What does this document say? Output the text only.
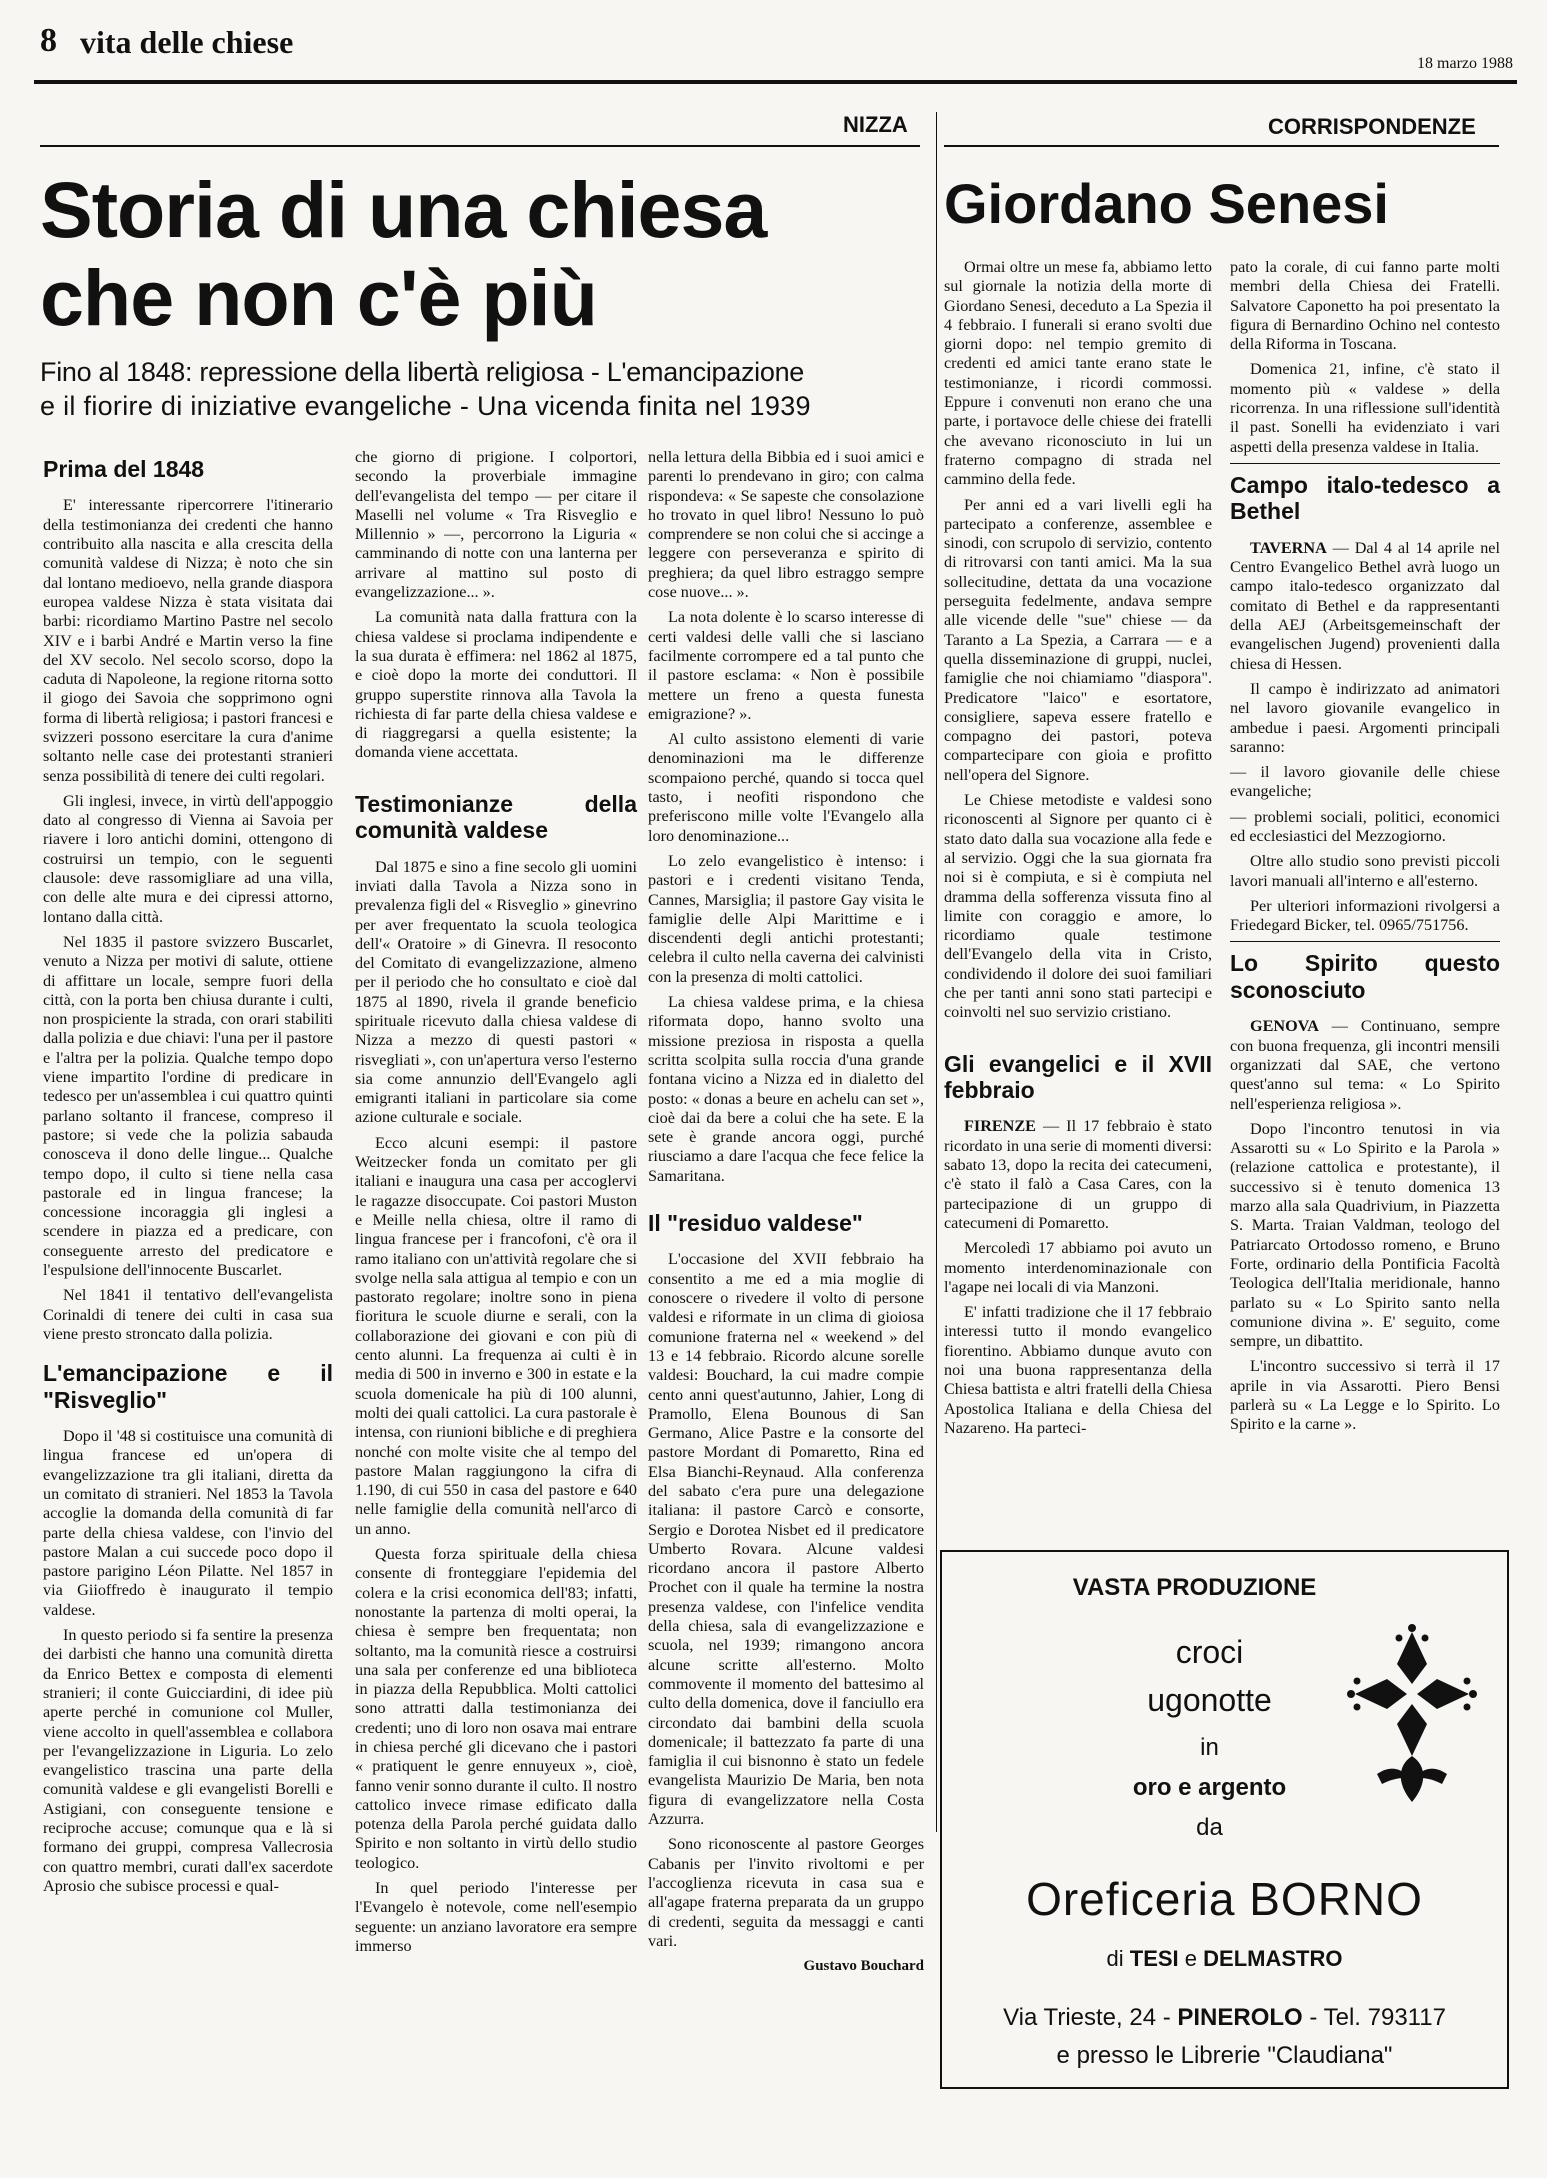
8 vita delle chiese
18 marzo 1988
NIZZA
Storia di una chiesa
che non c'è più
Fino al 1848: repressione della libertà religiosa - L'emancipazione
e il fiorire di iniziative evangeliche - Una vicenda finita nel 1939
Prima del 1848

E' interessante ripercorrere l'itinerario della testimonianza dei credenti che hanno contribuito alla nascita e alla crescita della comunità valdese di Nizza; è noto che sin dal lontano medioevo, nella grande diaspora europea valdese Nizza è stata visitata dai barbi: ricordiamo Martino Pastre nel secolo XIV e i barbi André e Martin verso la fine del XV secolo. Nel secolo scorso, dopo la caduta di Napoleone, la regione ritorna sotto il giogo dei Savoia che sopprimono ogni forma di libertà religiosa; i pastori francesi e svizzeri possono esercitare la cura d'anime soltanto nelle case dei protestanti stranieri senza possibilità di tenere dei culti regolari.

Gli inglesi, invece, in virtù dell'appoggio dato al congresso di Vienna ai Savoia per riavere i loro antichi domini, ottengono di costruirsi un tempio, con le seguenti clausole: deve rassomigliare ad una villa, con delle alte mura e dei cipressi attorno, lontano dalla città.

Nel 1835 il pastore svizzero Buscarlet, venuto a Nizza per motivi di salute, ottiene di affittare un locale, sempre fuori della città, con la porta ben chiusa durante i culti, non prospiciente la strada, con orari stabiliti dalla polizia e due chiavi: l'una per il pastore e l'altra per la polizia. Qualche tempo dopo viene impartito l'ordine di predicare in tedesco per un'assemblea i cui quattro quinti parlano soltanto il francese, compreso il pastore; si vede che la polizia sabauda conosceva il dono delle lingue... Qualche tempo dopo, il culto si tiene nella casa pastorale ed in lingua francese; la concessione incoraggia gli inglesi a scendere in piazza ed a predicare, con conseguente arresto del predicatore e l'espulsione dell'innocente Buscarlet.

Nel 1841 il tentativo dell'evangelista Corinaldi di tenere dei culti in casa sua viene presto stroncato dalla polizia.

L'emancipazione e il "Risveglio"

Dopo il '48 si costituisce una comunità di lingua francese ed un'opera di evangelizzazione tra gli italiani, diretta da un comitato di stranieri. Nel 1853 la Tavola accoglie la domanda della comunità di far parte della chiesa valdese, con l'invio del pastore Malan a cui succede poco dopo il pastore parigino Léon Pilatte. Nel 1857 in via Giioffredo è inaugurato il tempio valdese.

In questo periodo si fa sentire la presenza dei darbisti che hanno una comunità diretta da Enrico Bettex e composta di elementi stranieri; il conte Guicciardini, di idee più aperte perché in comunione col Muller, viene accolto in quell'assemblea e collabora per l'evangelizzazione in Liguria. Lo zelo evangelistico trascina una parte della comunità valdese e gli evangelisti Borelli e Astigiani, con conseguente tensione e reciproche accuse; comunque qua e là si formano dei gruppi, compresa Vallecrosia con quattro membri, curati dall'ex sacerdote Aprosio che subisce processi e qual-

che giorno di prigione. I colportori, secondo la proverbiale immagine dell'evangelista del tempo — per citare il Maselli nel volume « Tra Risveglio e Millennio » —, percorrono la Liguria « camminando di notte con una lanterna per arrivare al mattino sul posto di evangelizzazione... ».

La comunità nata dalla frattura con la chiesa valdese si proclama indipendente e la sua durata è effimera: nel 1862 al 1875, e cioè dopo la morte dei conduttori. Il gruppo superstite rinnova alla Tavola la richiesta di far parte della chiesa valdese e di riaggregarsi a quella esistente; la domanda viene accettata.

Testimonianze della comunità valdese

Dal 1875 e sino a fine secolo gli uomini inviati dalla Tavola a Nizza sono in prevalenza figli del « Risveglio » ginevrino per aver frequentato la scuola teologica dell'« Oratoire » di Ginevra. Il resoconto del Comitato di evangelizzazione, almeno per il periodo che ho consultato e cioè dal 1875 al 1890, rivela il grande beneficio spirituale ricevuto dalla chiesa valdese di Nizza a mezzo di questi pastori « risvegliati », con un'apertura verso l'esterno sia come annunzio dell'Evangelo agli emigranti italiani in particolare sia come azione culturale e sociale.

Ecco alcuni esempi: il pastore Weitzecker fonda un comitato per gli italiani e inaugura una casa per accoglervi le ragazze disoccupate. Coi pastori Muston e Meille nella chiesa, oltre il ramo di lingua francese per i francofoni, c'è ora il ramo italiano con un'attività regolare che si svolge nella sala attigua al tempio e con un pastorato regolare; inoltre sono in piena fioritura le scuole diurne e serali, con la collaborazione dei giovani e con più di cento alunni. La frequenza ai culti è in media di 500 in inverno e 300 in estate e la scuola domenicale ha più di 100 alunni, molti dei quali cattolici. La cura pastorale è intensa, con riunioni bibliche e di preghiera nonché con molte visite che al tempo del pastore Malan raggiungono la cifra di 1.190, di cui 550 in casa del pastore e 640 nelle famiglie della comunità nell'arco di un anno.

Questa forza spirituale della chiesa consente di fronteggiare l'epidemia del colera e la crisi economica dell'83; infatti, nonostante la partenza di molti operai, la chiesa è sempre ben frequentata; non soltanto, ma la comunità riesce a costruirsi una sala per conferenze ed una biblioteca in piazza della Repubblica. Molti cattolici sono attratti dalla testimonianza dei credenti; uno di loro non osava mai entrare in chiesa perché gli dicevano che i pastori « pratiquent le genre ennuyeux », cioè, fanno venir sonno durante il culto. Il nostro cattolico invece rimase edificato dalla potenza della Parola perché guidata dallo Spirito e non soltanto in virtù dello studio teologico.

In quel periodo l'interesse per l'Evangelo è notevole, come nell'esempio seguente: un anziano lavoratore era sempre immerso

nella lettura della Bibbia ed i suoi amici e parenti lo prendevano in giro; con calma rispondeva: « Se sapeste che consolazione ho trovato in quel libro! Nessuno lo può comprendere se non colui che si accinge a leggere con perseveranza e spirito di preghiera; da quel libro estraggo sempre cose nuove... ».

La nota dolente è lo scarso interesse di certi valdesi delle valli che si lasciano facilmente corrompere ed a tal punto che il pastore esclama: « Non è possibile mettere un freno a questa funesta emigrazione? ».

Al culto assistono elementi di varie denominazioni ma le differenze scompaiono perché, quando si tocca quel tasto, i neofiti rispondono che preferiscono mille volte l'Evangelo alla loro denominazione...

Lo zelo evangelistico è intenso: i pastori e i credenti visitano Tenda, Cannes, Marsiglia; il pastore Gay visita le famiglie delle Alpi Marittime e i discendenti degli antichi protestanti; celebra il culto nella caverna dei calvinisti con la presenza di molti cattolici.

La chiesa valdese prima, e la chiesa riformata dopo, hanno svolto una missione preziosa in risposta a quella scritta scolpita sulla roccia d'una grande fontana vicino a Nizza ed in dialetto del posto: « donas a beure en achelu can set », cioè dai da bere a colui che ha sete. E la sete è grande ancora oggi, purché riusciamo a dare l'acqua che fece felice la Samaritana.

Il "residuo valdese"

L'occasione del XVII febbraio ha consentito a me ed a mia moglie di conoscere o rivedere il volto di persone valdesi e riformate in un clima di gioiosa comunione fraterna nel « weekend » del 13 e 14 febbraio. Ricordo alcune sorelle valdesi: Bouchard, la cui madre compie cento anni quest'autunno, Jahier, Long di Pramollo, Elena Bounous di San Germano, Alice Pastre e la consorte del pastore Mordant di Pomaretto, Rina ed Elsa Bianchi-Reynaud. Alla conferenza del sabato c'era pure una delegazione italiana: il pastore Carcò e consorte, Sergio e Dorotea Nisbet ed il predicatore Umberto Rovara. Alcune valdesi ricordano ancora il pastore Alberto Prochet con il quale ha termine la nostra presenza valdese, con l'infelice vendita della chiesa, sala di evangelizzazione e scuola, nel 1939; rimangono ancora alcune scritte all'esterno. Molto commovente il momento del battesimo al culto della domenica, dove il fanciullo era circondato dai bambini della scuola domenicale; il battezzato fa parte di una famiglia il cui bisnonno è stato un fedele evangelista Maurizio De Maria, ben nota figura di evangelizzatore nella Costa Azzurra.

Sono riconoscente al pastore Georges Cabanis per l'invito rivoltomi e per l'accoglienza ricevuta in casa sua e all'agape fraterna preparata da un gruppo di credenti, seguita da messaggi e canti vari.

Gustavo Bouchard
CORRISPONDENZE
Giordano Senesi

Ormai oltre un mese fa, abbiamo letto sul giornale la notizia della morte di Giordano Senesi, deceduto a La Spezia il 4 febbraio. I funerali si erano svolti due giorni dopo: nel tempio gremito di credenti ed amici tante erano state le testimonianze, i ricordi commossi. Eppure i convenuti non erano che una parte, i portavoce delle chiese dei fratelli che avevano riconosciuto in lui un fraterno compagno di strada nel cammino della fede.

Per anni ed a vari livelli egli ha partecipato a conferenze, assemblee e sinodi, con scrupolo di servizio, contento di ritrovarsi con tanti amici. Ma la sua sollecitudine, dettata da una vocazione perseguita fedelmente, andava sempre alle vicende delle "sue" chiese — da Taranto a La Spezia, a Carrara — e a quella disseminazione di gruppi, nuclei, famiglie che noi chiamiamo "diaspora". Predicatore "laico" e esortatore, consigliere, sapeva essere fratello e compagno dei pastori, poteva compartecipare con gioia e profitto nell'opera del Signore.

Le Chiese metodiste e valdesi sono riconoscenti al Signore per quanto ci è stato dato dalla sua vocazione alla fede e al servizio. Oggi che la sua giornata fra noi si è compiuta, e si è compiuta nel dramma della sofferenza vissuta fino al limite con coraggio e amore, lo ricordiamo quale testimone dell'Evangelo della vita in Cristo, condividendo il dolore dei suoi familiari che per tanti anni sono stati partecipi e coinvolti nel suo servizio cristiano.

Gli evangelici e il XVII febbraio

FIRENZE — Il 17 febbraio è stato ricordato in una serie di momenti diversi: sabato 13, dopo la recita dei catecumeni, c'è stato il falò a Casa Cares, con la partecipazione di un gruppo di catecumeni di Pomaretto.

Mercoledì 17 abbiamo poi avuto un momento interdenominazionale con l'agape nei locali di via Manzoni.

E' infatti tradizione che il 17 febbraio interessi tutto il mondo evangelico fiorentino. Abbiamo dunque avuto con noi una buona rappresentanza della Chiesa battista e altri fratelli della Chiesa Apostolica Italiana e della Chiesa del Nazareno. Ha parteci-

pato la corale, di cui fanno parte molti membri della Chiesa dei Fratelli. Salvatore Caponetto ha poi presentato la figura di Bernardino Ochino nel contesto della Riforma in Toscana.

Domenica 21, infine, c'è stato il momento più « valdese » della ricorrenza. In una riflessione sull'identità il past. Sonelli ha evidenziato i vari aspetti della presenza valdese in Italia.

Campo italo-tedesco a Bethel

TAVERNA — Dal 4 al 14 aprile nel Centro Evangelico Bethel avrà luogo un campo italo-tedesco organizzato dal comitato di Bethel e da rappresentanti della AEJ (Arbeitsgemeinschaft der evangelischen Jugend) provenienti dalla chiesa di Hessen.

Il campo è indirizzato ad animatori nel lavoro giovanile evangelico in ambedue i paesi. Argomenti principali saranno:

— il lavoro giovanile delle chiese evangeliche;

— problemi sociali, politici, economici ed ecclesiastici del Mezzogiorno.

Oltre allo studio sono previsti piccoli lavori manuali all'interno e all'esterno.

Per ulteriori informazioni rivolgersi a Friedegard Bicker, tel. 0965/751756.

Lo Spirito questo sconosciuto

GENOVA — Continuano, sempre con buona frequenza, gli incontri mensili organizzati dal SAE, che vertono quest'anno sul tema: « Lo Spirito nell'esperienza religiosa ».

Dopo l'incontro tenutosi in via Assarotti su « Lo Spirito e la Parola » (relazione cattolica e protestante), il successivo si è tenuto domenica 13 marzo alla sala Quadrivium, in Piazzetta S. Marta. Traian Valdman, teologo del Patriarcato Ortodosso romeno, e Bruno Forte, ordinario della Pontificia Facoltà Teologica dell'Italia meridionale, hanno parlato su « Lo Spirito santo nella comunione divina ». E' seguito, come sempre, un dibattito.

L'incontro successivo si terrà il 17 aprile in via Assarotti. Piero Bensi parlerà su « La Legge e lo Spirito. Lo Spirito e la carne ».

VASTA PRODUZIONE
croci
ugonotte
in
oro e argento
da
Oreficeria BORNO
di TESI e DELMASTRO
Via Trieste, 24 - PINEROLO - Tel. 793117
e presso le Librerie "Claudiana"
